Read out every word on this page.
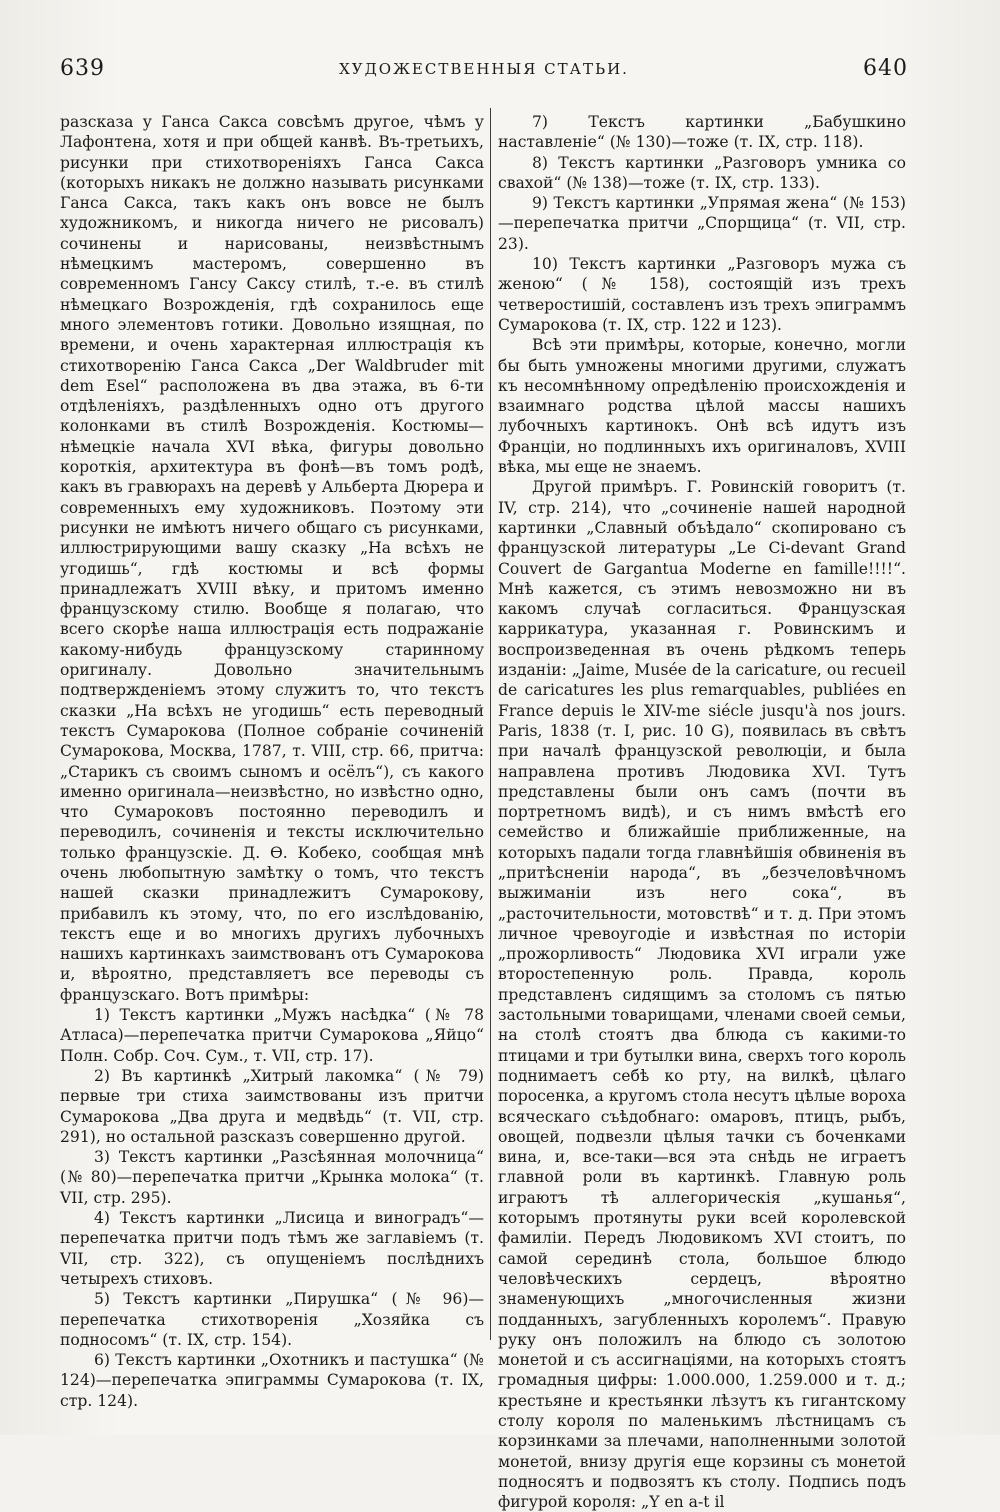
639	ХУДОЖЕСТВЕННЫЯ СТАТЬИ.	640

разсказа у Ганса Сакса совсѣмъ другое, чѣмъ у Лафонтена, хотя и при общей канвѣ. Въ-третьихъ, рисунки при стихотвореніяхъ Ганса Сакса (которыхъ никакъ не должно называть рисунками Ганса Сакса, такъ какъ онъ вовсе не былъ художникомъ, и никогда ничего не рисовалъ) сочинены и нарисованы, неизвѣстнымъ нѣмецкимъ мастеромъ, совершенно въ современномъ Гансу Саксу стилѣ, т.-е. въ стилѣ нѣмецкаго Возрожденія, гдѣ сохранилось еще много элементовъ готики. Довольно изящная, по времени, и очень характерная иллюстрація къ стихотворенію Ганса Сакса „Der Waldbruder mit dem Esel“ расположена въ два этажа, въ 6-ти отдѣленіяхъ, раздѣленныхъ одно отъ другого колонками въ стилѣ Возрожденія. Костюмы—нѣмецкіе начала XVI вѣка, фигуры довольно короткія, архитектура въ фонѣ—въ томъ родѣ, какъ въ гравюрахъ на деревѣ у Альберта Дюрера и современныхъ ему художниковъ. Поэтому эти рисунки не имѣютъ ничего общаго съ рисунками, иллюстрирующими вашу сказку „На всѣхъ не угодишь“, гдѣ костюмы и всѣ формы принадлежатъ XVIII вѣку, и притомъ именно французскому стилю. Вообще я полагаю, что всего скорѣе наша иллюстрація есть подражаніе какому-нибудь французскому старинному оригиналу. Довольно значительнымъ подтвержденіемъ этому служитъ то, что текстъ сказки „На всѣхъ не угодишь“ есть переводный текстъ Сумарокова (Полное собраніе сочиненій Сумарокова, Москва, 1787, т. VIII, стр. 66, притча: „Старикъ съ своимъ сыномъ и осёлъ“), съ какого именно оригинала—неизвѣстно, но извѣстно одно, что Сумароковъ постоянно переводилъ и переводилъ, сочиненія и тексты исключительно только французскіе. Д. Ѳ. Кобеко, сообщая мнѣ очень любопытную замѣтку о томъ, что текстъ нашей сказки принадлежитъ Сумарокову, прибавилъ къ этому, что, по его изслѣдованію, текстъ еще и во многихъ другихъ лубочныхъ нашихъ картинкахъ заимствованъ отъ Сумарокова и, вѣроятно, представляетъ все переводы съ французскаго. Вотъ примѣры:

1) Текстъ картинки „Мужъ насѣдка“ (№ 78 Атласа)—перепечатка притчи Сумарокова „Яйцо“ Полн. Собр. Соч. Сум., т. VII, стр. 17).

2) Въ картинкѣ „Хитрый лакомка“ (№ 79) первые три стиха заимствованы изъ притчи Сумарокова „Два друга и медвѣдь“ (т. VII, стр. 291), но остальной разсказъ совершенно другой.

3) Текстъ картинки „Разсѣянная молочница“ (№ 80)—перепечатка притчи „Крынка молока“ (т. VII, стр. 295).

4) Текстъ картинки „Лисица и виноградъ“—перепечатка притчи подъ тѣмъ же заглавіемъ (т. VII, стр. 322), съ опущеніемъ послѣднихъ четырехъ стиховъ.

5) Текстъ картинки „Пирушка“ (№ 96)—перепечатка стихотворенія „Хозяйка съ подносомъ“ (т. IX, стр. 154).

6) Текстъ картинки „Охотникъ и пастушка“ (№ 124)—перепечатка эпиграммы Сумарокова (т. IX, стр. 124).

7) Текстъ картинки „Бабушкино наставленіе“ (№ 130)—тоже (т. IX, стр. 118).

8) Текстъ картинки „Разговоръ умника со свахой“ (№ 138)—тоже (т. IX, стр. 133).

9) Текстъ картинки „Упрямая жена“ (№ 153)—перепечатка притчи „Спорщица“ (т. VII, стр. 23).

10) Текстъ картинки „Разговоръ мужа съ женою“ (№ 158), состоящій изъ трехъ четверостишій, составленъ изъ трехъ эпиграммъ Сумарокова (т. IX, стр. 122 и 123).

Всѣ эти примѣры, которые, конечно, могли бы быть умножены многими другими, служатъ къ несомнѣнному опредѣленію происхожденія и взаимнаго родства цѣлой массы нашихъ лубочныхъ картинокъ. Онѣ всѣ идутъ изъ Франціи, но подлинныхъ ихъ оригиналовъ, XVIII вѣка, мы еще не знаемъ.

Другой примѣръ. Г. Ровинскій говоритъ (т. IV, стр. 214), что „сочиненіе нашей народной картинки „Славный объѣдало“ скопировано съ французской литературы „Le Ci-devant Grand Couvert de Gargantua Moderne en famille!!!!“. Мнѣ кажется, съ этимъ невозможно ни въ какомъ случаѣ согласиться. Французская каррикатура, указанная г. Ровинскимъ и воспроизведенная въ очень рѣдкомъ теперь изданіи: „Jaime, Musée de la caricature, ou recueil de caricatures les plus remarquables, publiées en France depuis le XIV-me siécle jusqu'à nos jours. Paris, 1838 (т. I, рис. 10 G), появилась въ свѣтъ при началѣ французской революціи, и была направлена противъ Людовика XVI. Тутъ представлены были онъ самъ (почти въ портретномъ видѣ), и съ нимъ вмѣстѣ его семейство и ближайшіе приближенные, на которыхъ падали тогда главнѣйшія обвиненія въ „притѣсненіи народа“, въ „безчеловѣчномъ выжиманіи изъ него сока“, въ „расточительности, мотовствѣ“ и т. д. При этомъ личное чревоугодіе и извѣстная по исторіи „прожорливость“ Людовика XVI играли уже второстепенную роль. Правда, король представленъ сидящимъ за столомъ съ пятью застольными товарищами, членами своей семьи, на столѣ стоятъ два блюда съ какими-то птицами и три бутылки вина, сверхъ того король поднимаетъ себѣ ко рту, на вилкѣ, цѣлаго поросенка, а кругомъ стола несутъ цѣлые вороха всяческаго съѣдобнаго: омаровъ, птицъ, рыбъ, овощей, подвезли цѣлыя тачки съ боченками вина, и, все-таки—вся эта снѣдь не играетъ главной роли въ картинкѣ. Главную роль играютъ тѣ аллегорическія „кушанья“, которымъ протянуты руки всей королевской фамиліи. Передъ Людовикомъ XVI стоитъ, по самой серединѣ стола, большое блюдо человѣческихъ сердецъ, вѣроятно знаменующихъ „многочисленныя жизни подданныхъ, загубленныхъ королемъ“. Правую руку онъ положилъ на блюдо съ золотою монетой и съ ассигнаціями, на которыхъ стоятъ громадныя цифры: 1.000.000, 1.259.000 и т. д.; крестьяне и крестьянки лѣзутъ къ гигантскому столу короля по маленькимъ лѣстницамъ съ корзинками за плечами, наполненными золотой монетой, внизу другія еще корзины съ монетой подносятъ и подвозятъ къ столу. Подпись подъ фигурой короля: „Y en a-t il
